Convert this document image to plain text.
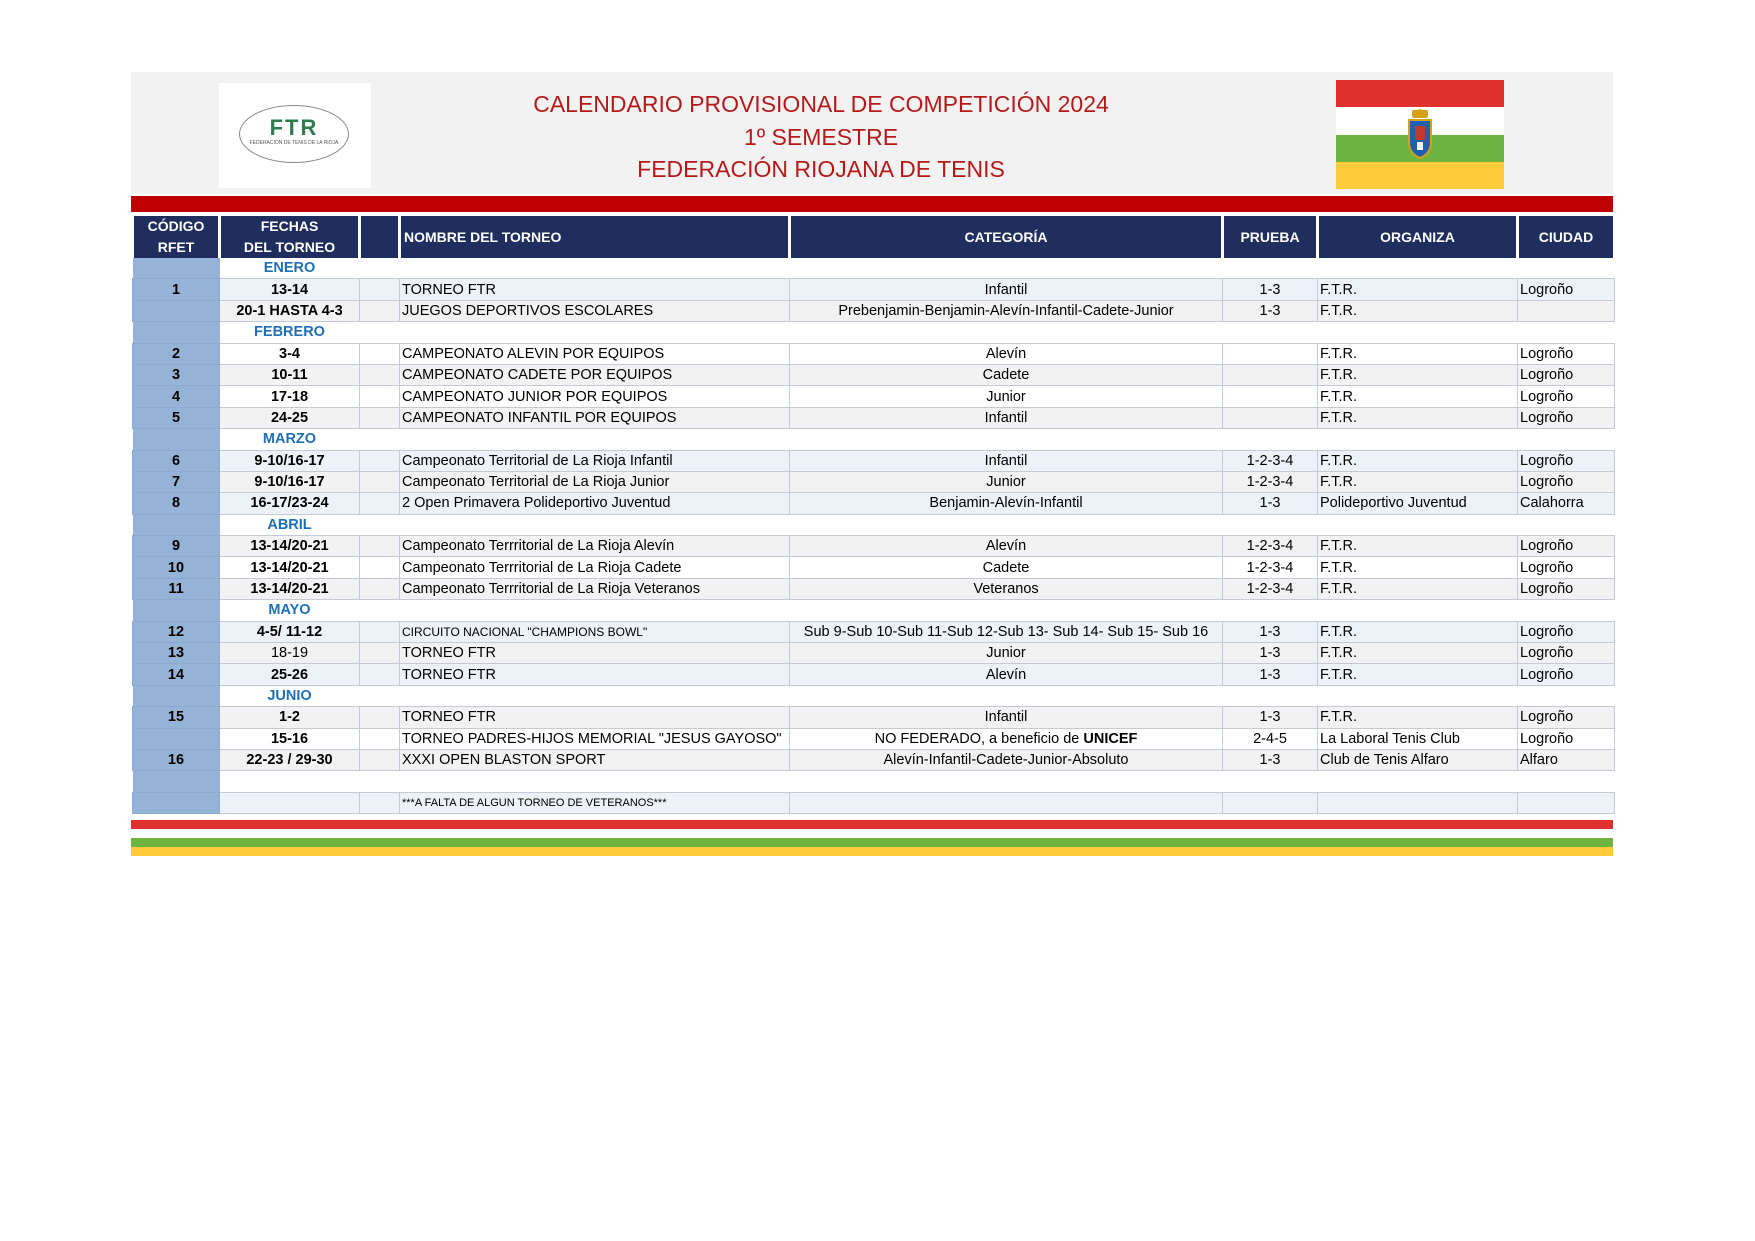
FTR
FEDERACIÓN DE TENIS DE LA RIOJA
CALENDARIO PROVISIONAL DE COMPETICIÓN 2024
1º SEMESTRE
FEDERACIÓN RIOJANA DE TENIS
CÓDIGO
RFET	FECHAS
DEL TORNEO		NOMBRE DEL TORNEO	CATEGORÍA	PRUEBA	ORGANIZA	CIUDAD
	ENERO						
1	13-14		TORNEO FTR	Infantil	1-3	F.T.R.	Logroño
	20-1 HASTA 4-3		JUEGOS DEPORTIVOS ESCOLARES	Prebenjamin-Benjamin-Alevín-Infantil-Cadete-Junior	1-3	F.T.R.	
	FEBRERO						
2	3-4		CAMPEONATO ALEVIN POR EQUIPOS	Alevín		F.T.R.	Logroño
3	10-11		CAMPEONATO CADETE POR EQUIPOS	Cadete		F.T.R.	Logroño
4	17-18		CAMPEONATO JUNIOR POR EQUIPOS	Junior		F.T.R.	Logroño
5	24-25		CAMPEONATO INFANTIL POR EQUIPOS	Infantil		F.T.R.	Logroño
	MARZO						
6	9-10/16-17		Campeonato Territorial de La Rioja Infantil	Infantil	1-2-3-4	F.T.R.	Logroño
7	9-10/16-17		Campeonato Territorial de La Rioja Junior	Junior	1-2-3-4	F.T.R.	Logroño
8	16-17/23-24		2 Open Primavera Polideportivo Juventud	Benjamin-Alevín-Infantil	1-3	Polideportivo Juventud	Calahorra
	ABRIL						
9	13-14/20-21		Campeonato Terrritorial de La Rioja Alevín	Alevín	1-2-3-4	F.T.R.	Logroño
10	13-14/20-21		Campeonato Terrritorial de La Rioja Cadete	Cadete	1-2-3-4	F.T.R.	Logroño
11	13-14/20-21		Campeonato Terrritorial de La Rioja Veteranos	Veteranos	1-2-3-4	F.T.R.	Logroño
	MAYO						
12	4-5/ 11-12		CIRCUITO NACIONAL "CHAMPIONS BOWL"	Sub 9-Sub 10-Sub 11-Sub 12-Sub 13- Sub 14- Sub 15- Sub 16	1-3	F.T.R.	Logroño
13	18-19		TORNEO FTR	Junior	1-3	F.T.R.	Logroño
14	25-26		TORNEO FTR	Alevín	1-3	F.T.R.	Logroño
	JUNIO						
15	1-2		TORNEO FTR	Infantil	1-3	F.T.R.	Logroño
	15-16		TORNEO PADRES-HIJOS MEMORIAL "JESUS GAYOSO"	NO FEDERADO, a beneficio de UNICEF	2-4-5	La Laboral Tenis Club	Logroño
16	22-23 / 29-30		XXXI OPEN BLASTON SPORT	Alevín-Infantil-Cadete-Junior-Absoluto	1-3	Club de Tenis Alfaro	Alfaro

			***A FALTA DE ALGUN TORNEO DE VETERANOS***				
